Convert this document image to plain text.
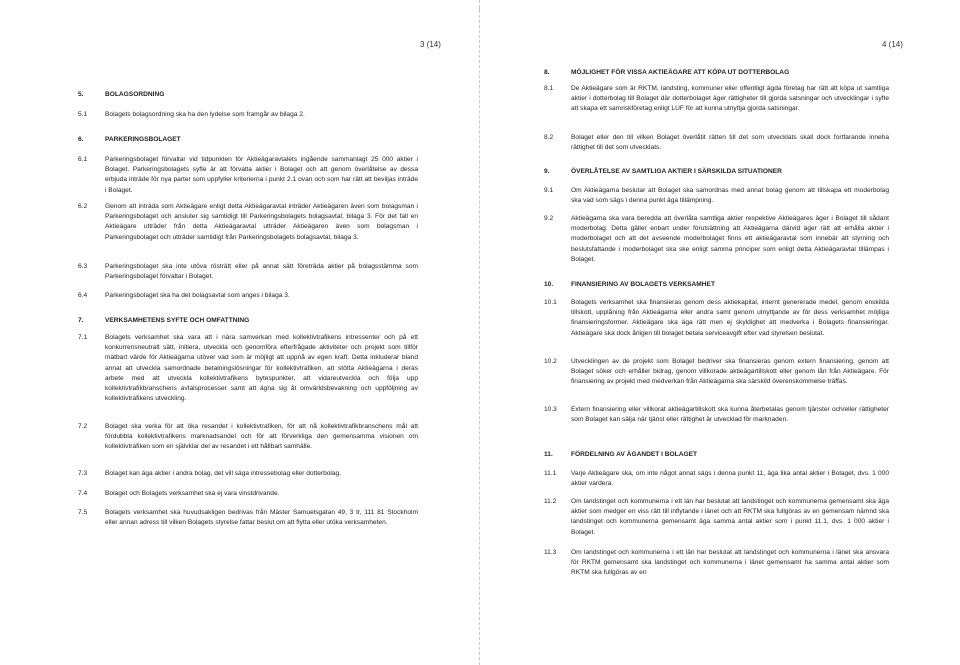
3 (14)
5.	BOLAGSORDNING
5.1	Bolagets bolagsordning ska ha den lydelse som framgår av bilaga 2.
6.	PARKERINGSBOLAGET
6.1	Parkeringsbolaget förvaltar vid tidpunkten för Aktieägaravtalets ingående sammanlagt 25 000 aktier i Bolaget. Parkeringsbolagets syfte är att förvalta aktier i Bolaget och att genom överlåtelse av dessa erbjuda inträde för nya parter som uppfyller kriterierna i punkt 2.1 ovan och som har rätt att beviljas inträde i Bolaget.
6.2	Genom att inträda som Aktieägare enligt detta Aktieägaravtal inträder Aktieägaren även som bolagsman i Parkeringsbolaget och ansluter sig samtidigt till Parkeringsbolagets bolagsavtal, bilaga 3. För det fall en Aktieägare utträder från detta Aktieägaravtal utträder Aktieägaren även som bolagsman i Parkeringsbolaget och utträder samtidigt från Parkeringsbolagets bolagsavtal, bilaga 3.
6.3	Parkeringsbolaget ska inte utöva rösträtt eller på annat sätt företräda aktier på bolagsstämma som Parkeringsbolaget förvaltar i Bolaget.
6.4	Parkeringsbolaget ska ha det bolagsavtal som anges i bilaga 3.
7.	VERKSAMHETENS SYFTE OCH OMFATTNING
7.1	Bolagets verksamhet ska vara att i nära samverkan med kollektivtrafikens intressenter och på ett konkurrensneutralt sätt, initiera, utveckla och genomföra efterfrågade aktiviteter och projekt som tillför mätbart värde för Aktieägarna utöver vad som är möjligt att uppnå av egen kraft. Detta inkluderar bland annat att utveckla samordnade betalningslösningar för kollektivtrafiken, att stötta Aktieägarna i deras arbete med att utveckla kollektivtrafikens bytespunkter, att vidareutveckla och följa upp kollektivtrafikbranschens avtalsprocesser samt att ägna sig åt omvärldsbevakning och uppföljning av kollektivtrafikens utveckling.
7.2	Bolaget ska verka för att öka resandet i kollektivtrafiken, för att nå kollektivtrafikbranschens mål att fördubbla kollektivtrafikens marknadsandel och för att förverkliga den gemensamma visionen om kollektivtrafiken som en självklar del av resandet i ett hållbart samhälle.
7.3	Bolaget kan äga aktier i andra bolag, det vill säga intressebolag eller dotterbolag.
7.4	Bolaget och Bolagets verksamhet ska ej vara vinstdrivande.
7.5	Bolagets verksamhet ska huvudsakligen bedrivas från Mäster Samuelsgatan 49, 3 tr, 111 81 Stockholm eller annan adress till vilken Bolagets styrelse fattar beslut om att flytta eller utöka verksamheten.
4 (14)
8.	MÖJLIGHET FÖR VISSA AKTIEÄGARE ATT KÖPA UT DOTTERBOLAG
8.1	De Aktieägare som är RKTM, landsting, kommuner eller offentligt ägda företag har rätt att köpa ut samtliga aktier i dotterbolag till Bolaget där dotterbolaget äger rättigheter till gjorda satsningar och utvecklingar i syfte att skapa ett samriskföretag enligt LUF för att kunna utnyttja gjorda satsningar.
8.2	Bolaget eller den till vilken Bolaget överlåtit rätten till det som utvecklats skall dock fortfarande inneha rättighet till det som utvecklats.
9.	ÖVERLÅTELSE AV SAMTLIGA AKTIER I SÄRSKILDA SITUATIONER
9.1	Om Aktieägarna beslutar att Bolaget ska samordnas med annat bolag genom att tillskapa ett moderbolag ska vad som sägs i denna punkt äga tillämpning.
9.2	Aktieägarna ska vara beredda att överlåta samtliga aktier respektive Aktieägares äger i Bolaget till sådant moderbolag. Detta gäller enbart under förutsättning att Aktieägarna därvid äger rätt att erhålla aktier i moderbolaget och att det avseende moderbolaget finns ett aktieägaravtal som innebär att styrning och beslutsfattande i moderbolaget ska ske enligt samma principer som enligt detta Aktieägaravtal tillämpas i Bolaget.
10.	FINANSIERING AV BOLAGETS VERKSAMHET
10.1 Bolagets verksamhet ska finansieras genom dess aktiekapital, internt genererade medel, genom enskilda tillskott, upplåning från Aktieägarna eller andra samt genom utnyttjande av för dess verksamhet möjliga finansieringsformer. Aktieägare ska äga rätt men ej skyldighet att medverka i Bolagets finansieringar. Aktieägare ska dock årligen till bolaget betala serviceavgift efter vad styrelsen beslutat.
10.2 Utvecklingen av de projekt som Bolaget bedriver ska finansieras genom extern finansiering, genom att Bolaget söker och erhåller bidrag, genom villkorade aktieägartillskott eller genom lån från Aktieägare. För finansiering av projekt med medverkan från Aktieägarna ska särskild överenskommelse träffas.
10.3 Extern finansiering eller villkorat aktieägartillskott ska kunna återbetalas genom tjänster och/eller rättigheter som Bolaget kan sälja när tjänst eller rättighet är utvecklad för marknaden.
11.	FÖRDELNING AV ÄGANDET I BOLAGET
11.1 Varje Aktieägare ska, om inte något annat sägs i denna punkt 11, äga lika antal aktier i Bolaget, dvs. 1 000 aktier vardera.
11.2 Om landstinget och kommunerna i ett län har beslutat att landstinget och kommunerna gemensamt ska äga aktier som medger en viss rätt till inflytande i länet och att RKTM ska fullgöras av en gemensam nämnd ska landstinget och kommunerna gemensamt äga samma antal aktier som i punkt 11.1, dvs. 1 000 aktier i Bolaget.
11.3 Om landstinget och kommunerna i ett län har beslutat att landstinget och kommunerna i länet ska ansvara för RKTM gemensamt ska landstinget och kommunerna i länet gemensamt ha samma antal aktier som RKTM ska fullgöras av en
